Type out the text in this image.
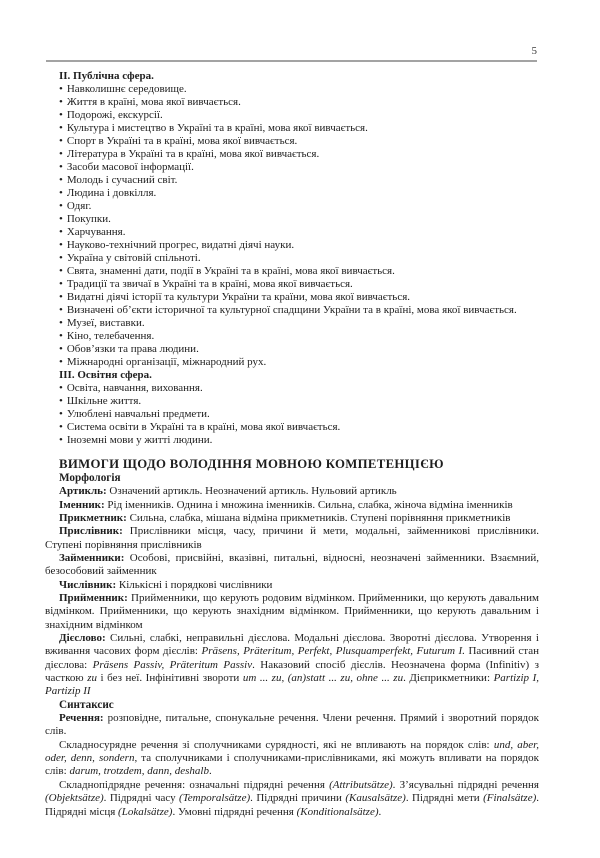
5

ІІ. Публічна сфера.

• Навколишнє середовище.

• Життя в країні, мова якої вивчається.

• Подорожі, екскурсії.

• Культура і мистецтво в Україні та в країні, мова якої вивчається.

• Спорт в Україні та в країні, мова якої вивчається.

• Література в Україні та в країні, мова якої вивчається.

• Засоби масової інформації.

• Молодь і сучасний світ.

• Людина і довкілля.

• Одяг.

• Покупки.

• Харчування.

• Науково-технічний прогрес, видатні діячі науки.

• Україна у світовій спільноті.

• Свята, знаменні дати, події в Україні та в країні, мова якої вивчається.

• Традиції та звичаї в Україні та в країні, мова якої вивчається.

• Видатні діячі історії та культури України та країни, мова якої вивчається.

• Визначені об’єкти історичної та культурної спадщини України та в країні, мова якої вивчається.

• Музеї, виставки.

• Кіно, телебачення.

• Обов’язки та права людини.

• Міжнародні організації, міжнародний рух.

ІІІ. Освітня сфера.

• Освіта, навчання, виховання.

• Шкільне життя.

• Улюблені навчальні предмети.

• Система освіти в Україні та в країні, мова якої вивчається.

• Іноземні мови у житті людини.

ВИМОГИ ЩОДО ВОЛОДІННЯ МОВНОЮ КОМПЕТЕНЦІЄЮ

Морфологія

Артикль: Означений артикль. Неозначений артикль. Нульовий артикль

Іменник: Рід іменників. Однина і множина іменників. Сильна, слабка, жіноча відміна іменників

Прикметник: Сильна, слабка, мішана відміна прикметників. Ступені порівняння прикметників

Прислівник: Прислівники місця, часу, причини й мети, модальні, займенникові прислівники. Ступені порівняння прислівників

Займенники: Особові, присвійні, вказівні, питальні, відносні, неозначені займенники. Взаємний, безособовий займенник

Числівник: Кількісні і порядкові числівники

Прийменник: Прийменники, що керують родовим відмінком. Прийменники, що керують давальним відмінком. Прийменники, що керують знахідним відмінком. Прийменники, що керують давальним і знахідним відмінком

Дієслово: Сильні, слабкі, неправильні дієслова. Модальні дієслова. Зворотні дієслова. Утворення і вживання часових форм дієслів: Präsens, Präteritum, Perfekt, Plusquamperfekt, Futurum I. Пасивний стан дієслова: Präsens Passiv, Präteritum Passiv. Наказовий спосіб дієслів. Неозначена форма (Infinitiv) з часткою zu і без неї. Інфінітивні звороти um ... zu, (an)statt ... zu, ohne ... zu. Дієприкметники: Partizip I, Partizip II

Синтаксис

Речення: розповідне, питальне, спонукальне речення. Члени речення. Прямий і зворотний порядок слів.

Складносурядне речення зі сполучниками сурядності, які не впливають на порядок слів: und, aber, oder, denn, sondern, та сполучниками і сполучниками-прислівниками, які можуть впливати на порядок слів: darum, trotzdem, dann, deshalb.

Складнопідрядне речення: означальні підрядні речення (Attributsätze). З’ясувальні підрядні речення (Objektsätze). Підрядні часу (Temporalsätze). Підрядні причини (Kausalsätze). Підрядні мети (Finalsätze). Підрядні місця (Lokalsätze). Умовні підрядні речення (Konditionalsätze).
